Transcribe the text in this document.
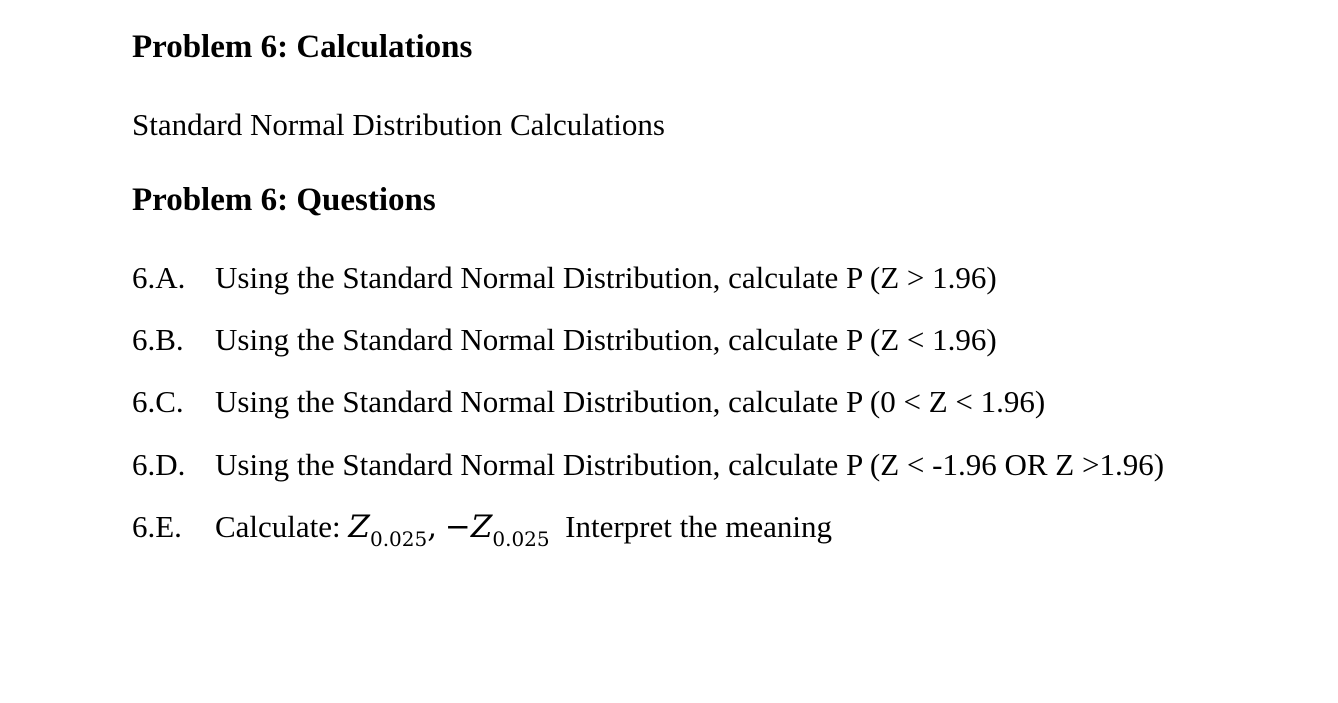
Problem 6: Calculations
Standard Normal Distribution Calculations
Problem 6: Questions
6.A. Using the Standard Normal Distribution, calculate P (Z > 1.96)
6.B. Using the Standard Normal Distribution, calculate P (Z < 1.96)
6.C. Using the Standard Normal Distribution, calculate P (0 < Z < 1.96)
6.D. Using the Standard Normal Distribution, calculate P (Z < -1.96 OR Z >1.96)
6.E. Calculate: $Z_{0.025}$, $-Z_{0.025}$ Interpret the meaning
